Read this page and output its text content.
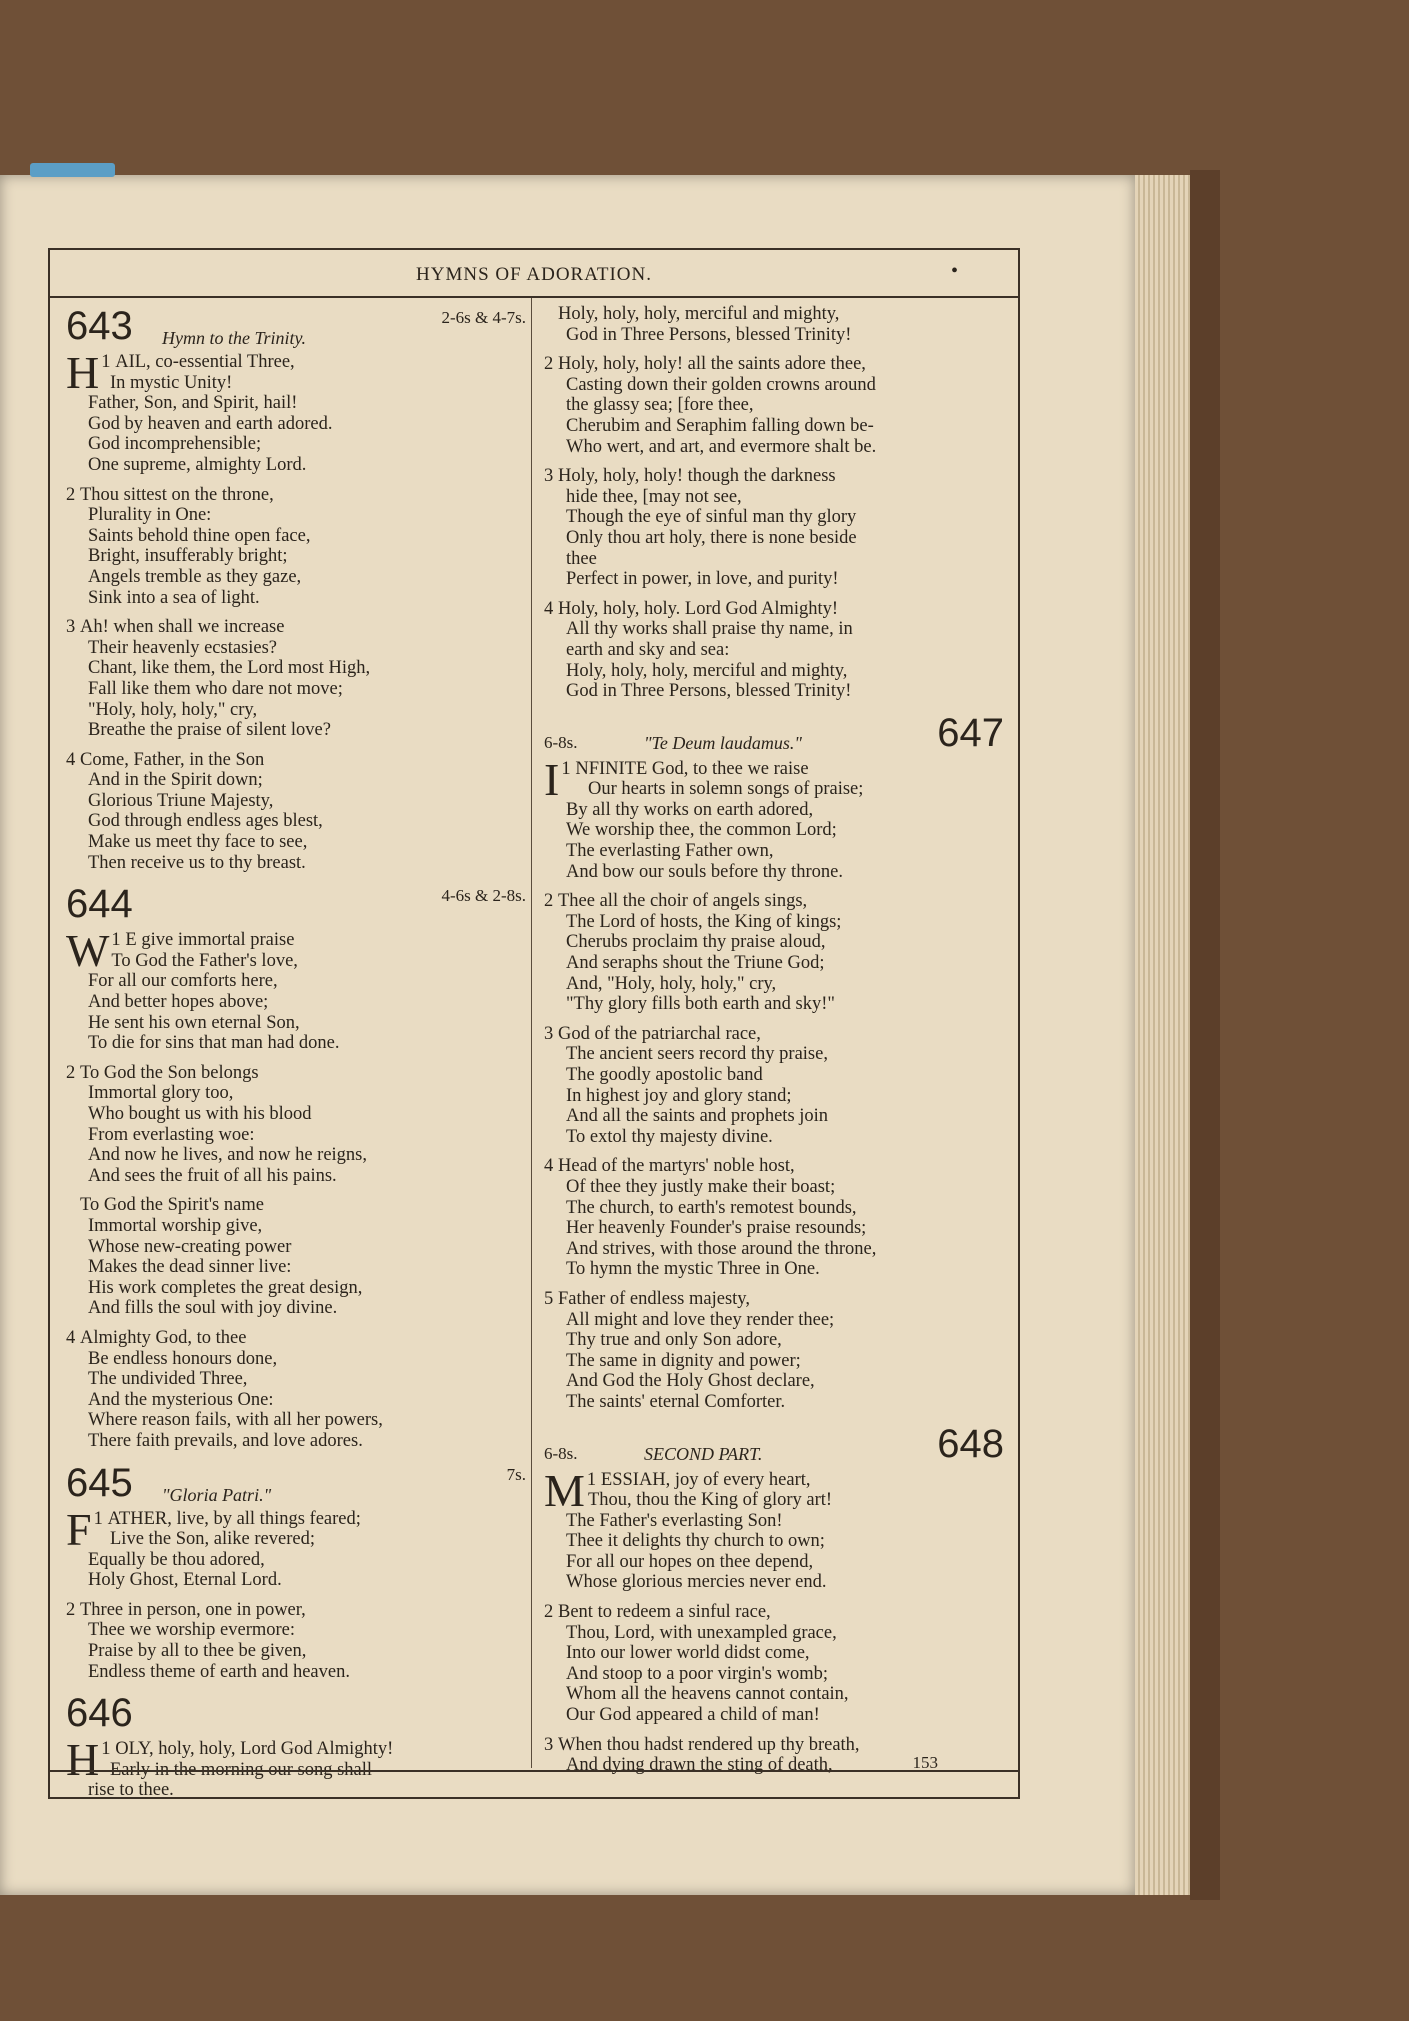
HYMNS OF ADORATION.	•
643	2-6s & 4-7s.
Hymn to the Trinity.
1
H AIL, co-essential Three,
In mystic Unity!
Father, Son, and Spirit, hail!
God by heaven and earth adored.
God incomprehensible;
One supreme, almighty Lord.
2 Thou sittest on the throne,
Plurality in One:
Saints behold thine open face,
Bright, insufferably bright;
Angels tremble as they gaze,
Sink into a sea of light.
3 Ah! when shall we increase
Their heavenly ecstasies?
Chant, like them, the Lord most High,
Fall like them who dare not move;
"Holy, holy, holy," cry,
Breathe the praise of silent love?
4 Come, Father, in the Son
And in the Spirit down;
Glorious Triune Majesty,
God through endless ages blest,
Make us meet thy face to see,
Then receive us to thy breast.
644	4-6s & 2-8s.
1
W E give immortal praise
To God the Father's love,
For all our comforts here,
And better hopes above;
He sent his own eternal Son,
To die for sins that man had done.
2 To God the Son belongs
Immortal glory too,
Who bought us with his blood
From everlasting woe:
And now he lives, and now he reigns,
And sees the fruit of all his pains.
To God the Spirit's name
Immortal worship give,
Whose new-creating power
Makes the dead sinner live:
His work completes the great design,
And fills the soul with joy divine.
4 Almighty God, to thee
Be endless honours done,
The undivided Three,
And the mysterious One:
Where reason fails, with all her powers,
There faith prevails, and love adores.
645	7s.
"Gloria Patri."
1
F ATHER, live, by all things feared;
Live the Son, alike revered;
Equally be thou adored,
Holy Ghost, Eternal Lord.
2 Three in person, one in power,
Thee we worship evermore:
Praise by all to thee be given,
Endless theme of earth and heaven.
646
1
H OLY, holy, holy, Lord God Almighty!
Early in the morning our song shall
rise to thee.
Holy, holy, holy, merciful and mighty,
God in Three Persons, blessed Trinity!
2 Holy, holy, holy! all the saints adore thee,
Casting down their golden crowns around
the glassy sea; [fore thee,
Cherubim and Seraphim falling down be-
Who wert, and art, and evermore shalt be.
3 Holy, holy, holy! though the darkness
hide thee, [may not see,
Though the eye of sinful man thy glory
Only thou art holy, there is none beside
thee
Perfect in power, in love, and purity!
4 Holy, holy, holy. Lord God Almighty!
All thy works shall praise thy name, in
earth and sky and sea:
Holy, holy, holy, merciful and mighty,
God in Three Persons, blessed Trinity!
647
6-8s.	"Te Deum laudamus."
1
I NFINITE God, to thee we raise
Our hearts in solemn songs of praise;
By all thy works on earth adored,
We worship thee, the common Lord;
The everlasting Father own,
And bow our souls before thy throne.
2 Thee all the choir of angels sings,
The Lord of hosts, the King of kings;
Cherubs proclaim thy praise aloud,
And seraphs shout the Triune God;
And, "Holy, holy, holy," cry,
"Thy glory fills both earth and sky!"
3 God of the patriarchal race,
The ancient seers record thy praise,
The goodly apostolic band
In highest joy and glory stand;
And all the saints and prophets join
To extol thy majesty divine.
4 Head of the martyrs' noble host,
Of thee they justly make their boast;
The church, to earth's remotest bounds,
Her heavenly Founder's praise resounds;
And strives, with those around the throne,
To hymn the mystic Three in One.
5 Father of endless majesty,
All might and love they render thee;
Thy true and only Son adore,
The same in dignity and power;
And God the Holy Ghost declare,
The saints' eternal Comforter.
648
6-8s.	SECOND PART.
1
M ESSIAH, joy of every heart,
Thou, thou the King of glory art!
The Father's everlasting Son!
Thee it delights thy church to own;
For all our hopes on thee depend,
Whose glorious mercies never end.
2 Bent to redeem a sinful race,
Thou, Lord, with unexampled grace,
Into our lower world didst come,
And stoop to a poor virgin's womb;
Whom all the heavens cannot contain,
Our God appeared a child of man!
3 When thou hadst rendered up thy breath,
And dying drawn the sting of death,	153
